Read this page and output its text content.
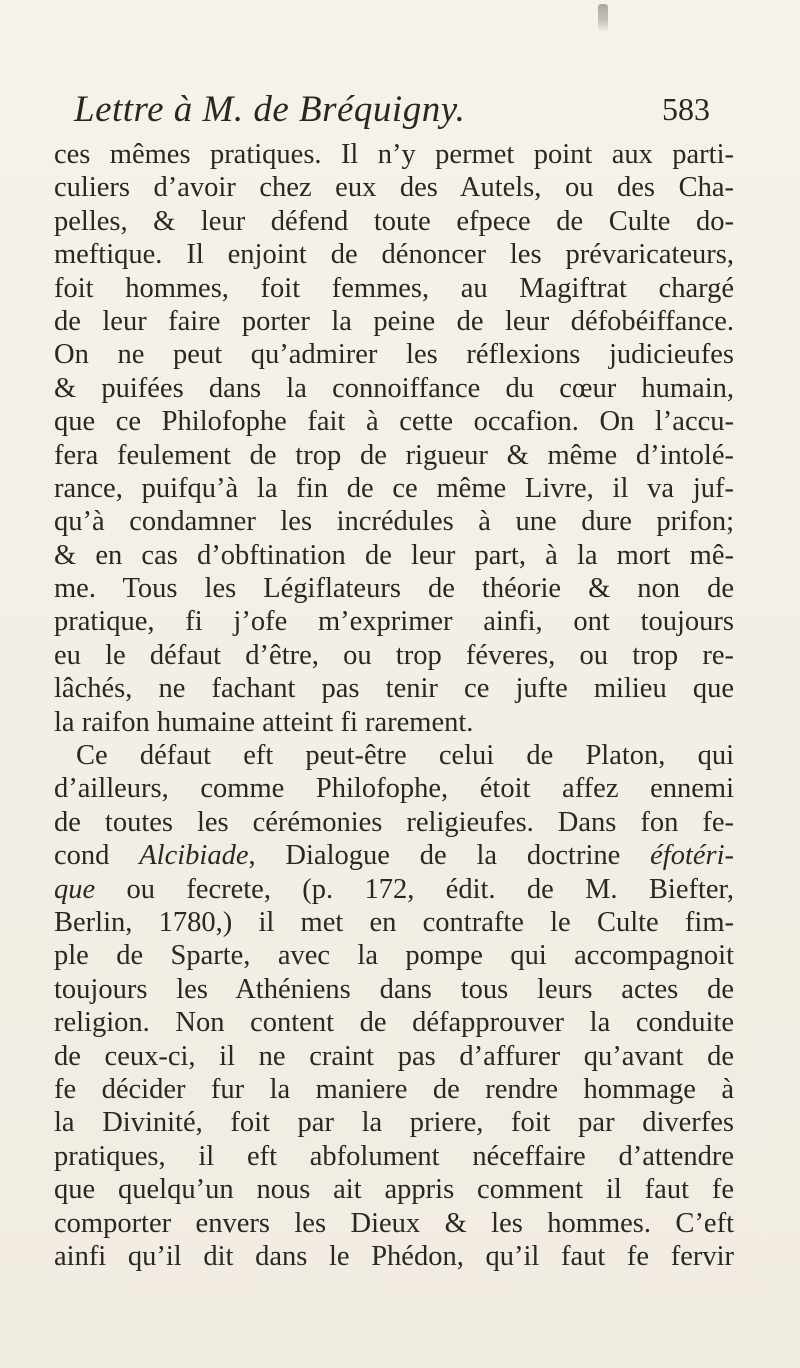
Lettre à M. de Bréquigny.	583
ces mêmes pratiques. Il n’y permet point aux parti-
culiers d’avoir chez eux des Autels, ou des Cha-
pelles, & leur défend toute efpece de Culte do-
meftique. Il enjoint de dénoncer les prévaricateurs,
foit hommes, foit femmes, au Magiftrat chargé
de leur faire porter la peine de leur défobéiffance.
On ne peut qu’admirer les réflexions judicieufes
& puifées dans la connoiffance du cœur humain,
que ce Philofophe fait à cette occafion. On l’accu-
fera feulement de trop de rigueur & même d’intolé-
rance, puifqu’à la fin de ce même Livre, il va juf-
qu’à condamner les incrédules à une dure prifon;
& en cas d’obftination de leur part, à la mort mê-
me. Tous les Légiflateurs de théorie & non de
pratique, fi j’ofe m’exprimer ainfi, ont toujours
eu le défaut d’être, ou trop féveres, ou trop re-
lâchés, ne fachant pas tenir ce jufte milieu que
la raifon humaine atteint fi rarement.
Ce défaut eft peut-être celui de Platon, qui
d’ailleurs, comme Philofophe, étoit affez ennemi
de toutes les cérémonies religieufes. Dans fon fe-
cond Alcibiade, Dialogue de la doctrine éfotéri-
que ou fecrete, (p. 172, édit. de M. Biefter,
Berlin, 1780,) il met en contrafte le Culte fim-
ple de Sparte, avec la pompe qui accompagnoit
toujours les Athéniens dans tous leurs actes de
religion. Non content de défapprouver la conduite
de ceux-ci, il ne craint pas d’affurer qu’avant de
fe décider fur la maniere de rendre hommage à
la Divinité, foit par la priere, foit par diverfes
pratiques, il eft abfolument néceffaire d’attendre
que quelqu’un nous ait appris comment il faut fe
comporter envers les Dieux & les hommes. C’eft
ainfi qu’il dit dans le Phédon, qu’il faut fe fervir
